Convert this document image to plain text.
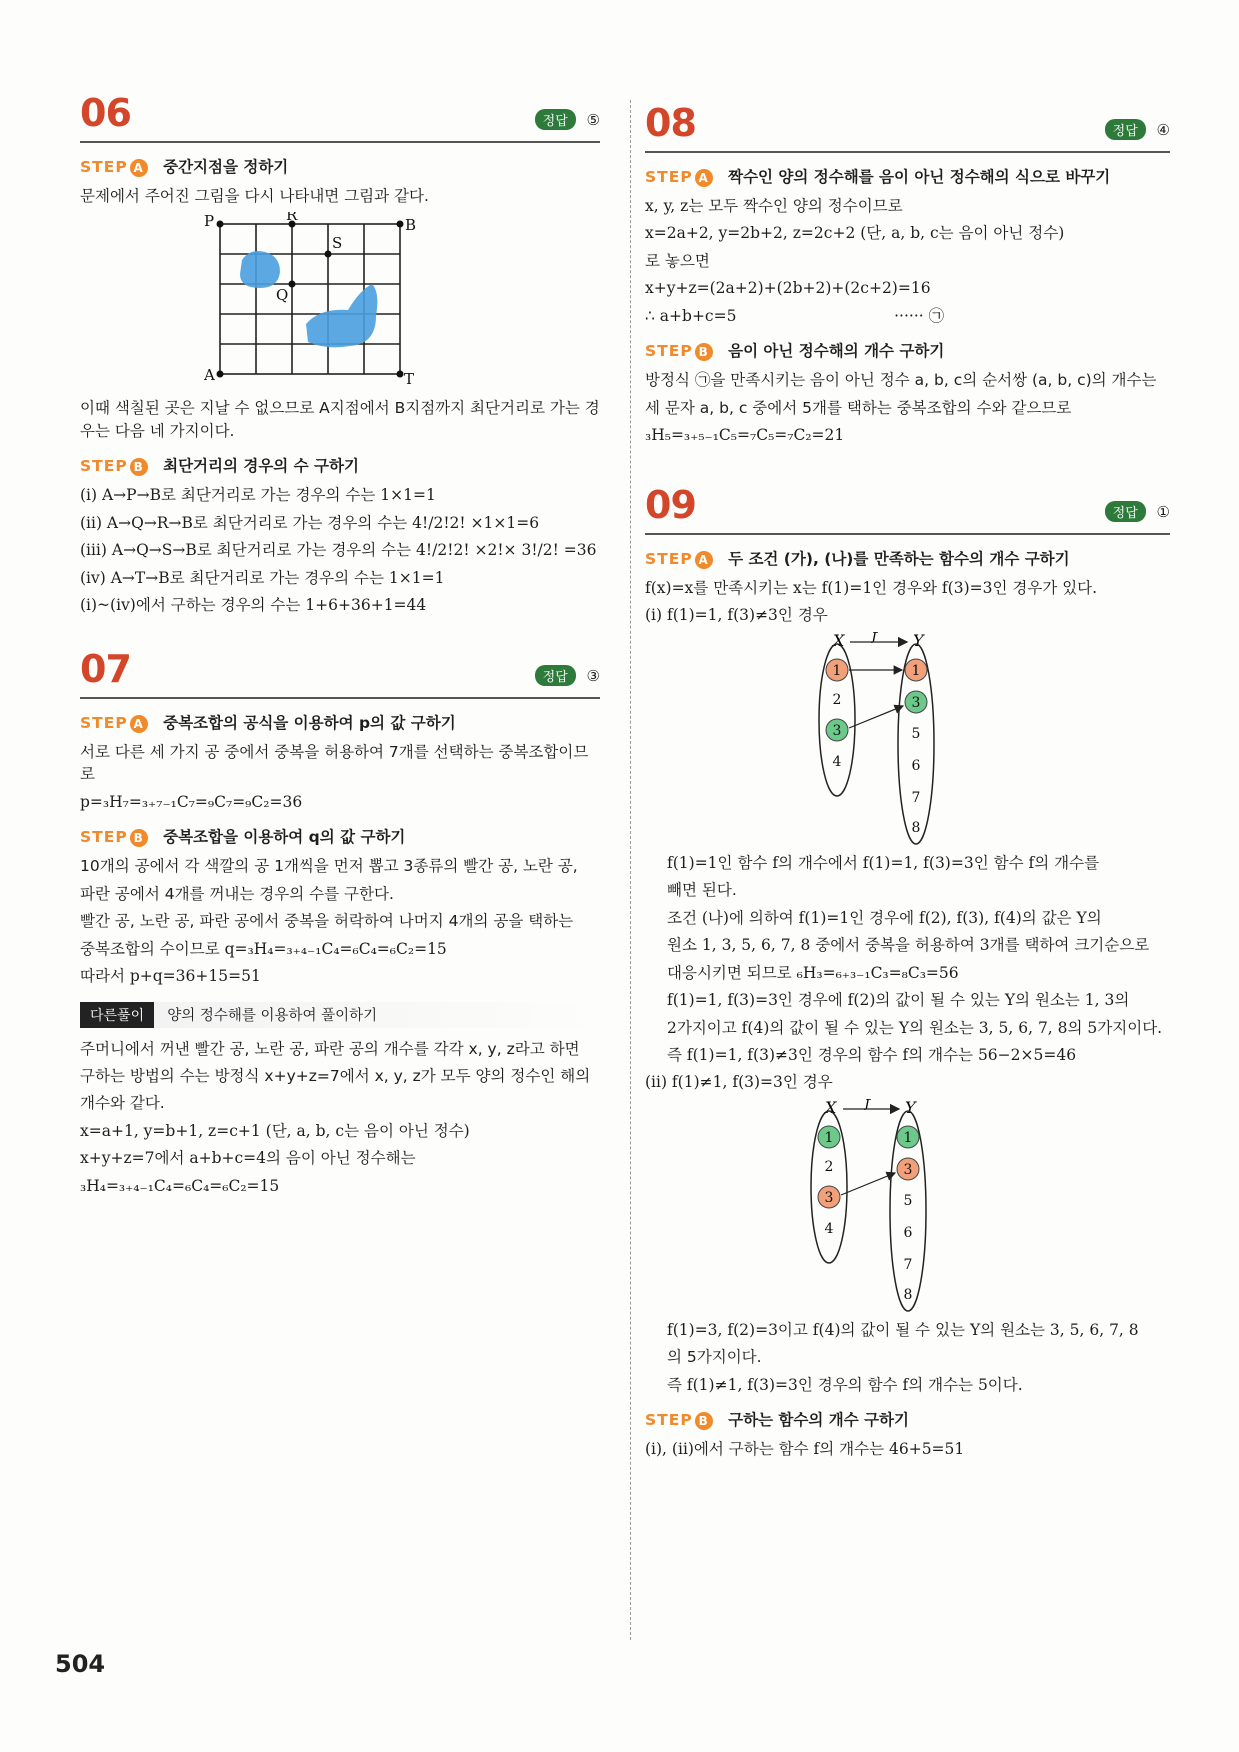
06	정답 ⑤
STEP A 중간지점을 정하기
문제에서 주어진 그림을 다시 나타내면 그림과 같다.
P	R
B
S
Q
A	T
이때 색칠된 곳은 지날 수 없으므로 A지점에서 B지점까지 최단거리로 가는 경우는 다음 네 가지이다.
STEP B 최단거리의 경우의 수 구하기
(ⅰ) A→P→B로 최단거리로 가는 경우의 수는 1×1=1
(ⅱ) A→Q→R→B로 최단거리로 가는 경우의 수는 4!/2!2! ×1×1=6
(ⅲ) A→Q→S→B로 최단거리로 가는 경우의 수는 4!/2!2! ×2!× 3!/2! =36
(ⅳ) A→T→B로 최단거리로 가는 경우의 수는 1×1=1
(ⅰ)~(ⅳ)에서 구하는 경우의 수는 1+6+36+1=44
07	정답 ③
STEP A 중복조합의 공식을 이용하여 p의 값 구하기
서로 다른 세 가지 공 중에서 중복을 허용하여 7개를 선택하는 중복조합이므로
p=₃H₇=₃₊₇₋₁C₇=₉C₇=₉C₂=36
STEP B 중복조합을 이용하여 q의 값 구하기
10개의 공에서 각 색깔의 공 1개씩을 먼저 뽑고 3종류의 빨간 공, 노란 공,
파란 공에서 4개를 꺼내는 경우의 수를 구한다.
빨간 공, 노란 공, 파란 공에서 중복을 허락하여 나머지 4개의 공을 택하는
중복조합의 수이므로 q=₃H₄=₃₊₄₋₁C₄=₆C₄=₆C₂=15
따라서 p+q=36+15=51
다른풀이 양의 정수해를 이용하여 풀이하기
주머니에서 꺼낸 빨간 공, 노란 공, 파란 공의 개수를 각각 x, y, z라고 하면
구하는 방법의 수는 방정식 x+y+z=7에서 x, y, z가 모두 양의 정수인 해의
개수와 같다.
x=a+1, y=b+1, z=c+1 (단, a, b, c는 음이 아닌 정수)
x+y+z=7에서 a+b+c=4의 음이 아닌 정수해는
₃H₄=₃₊₄₋₁C₄=₆C₄=₆C₂=15
08	정답 ④
STEP A 짝수인 양의 정수해를 음이 아닌 정수해의 식으로 바꾸기
x, y, z는 모두 짝수인 양의 정수이므로
x=2a+2, y=2b+2, z=2c+2 (단, a, b, c는 음이 아닌 정수)
로 놓으면
x+y+z=(2a+2)+(2b+2)+(2c+2)=16
∴ a+b+c=5                                ······ ㉠
STEP B 음이 아닌 정수해의 개수 구하기
방정식 ㉠을 만족시키는 음이 아닌 정수 a, b, c의 순서쌍 (a, b, c)의 개수는
세 문자 a, b, c 중에서 5개를 택하는 중복조합의 수와 같으므로
₃H₅=₃₊₅₋₁C₅=₇C₅=₇C₂=21
09	정답 ①
STEP A 두 조건 (가), (나)를 만족하는 함수의 개수 구하기
f(x)=x를 만족시키는 x는 f(1)=1인 경우와 f(3)=3인 경우가 있다.
(ⅰ) f(1)=1, f(3)≠3인 경우
X f Y
1
2
3
4
1
3
5
6
7
8
f(1)=1인 함수 f의 개수에서 f(1)=1, f(3)=3인 함수 f의 개수를
빼면 된다.
조건 (나)에 의하여 f(1)=1인 경우에 f(2), f(3), f(4)의 값은 Y의
원소 1, 3, 5, 6, 7, 8 중에서 중복을 허용하여 3개를 택하여 크기순으로
대응시키면 되므로 ₆H₃=₆₊₃₋₁C₃=₈C₃=56
f(1)=1, f(3)=3인 경우에 f(2)의 값이 될 수 있는 Y의 원소는 1, 3의
2가지이고 f(4)의 값이 될 수 있는 Y의 원소는 3, 5, 6, 7, 8의 5가지이다.
즉 f(1)=1, f(3)≠3인 경우의 함수 f의 개수는 56−2×5=46
(ⅱ) f(1)≠1, f(3)=3인 경우
X f Y
1
2
3
4
1
3
5
6
7
8
f(1)=3, f(2)=3이고 f(4)의 값이 될 수 있는 Y의 원소는 3, 5, 6, 7, 8
의 5가지이다.
즉 f(1)≠1, f(3)=3인 경우의 함수 f의 개수는 5이다.
STEP B 구하는 함수의 개수 구하기
(ⅰ), (ⅱ)에서 구하는 함수 f의 개수는 46+5=51
504
